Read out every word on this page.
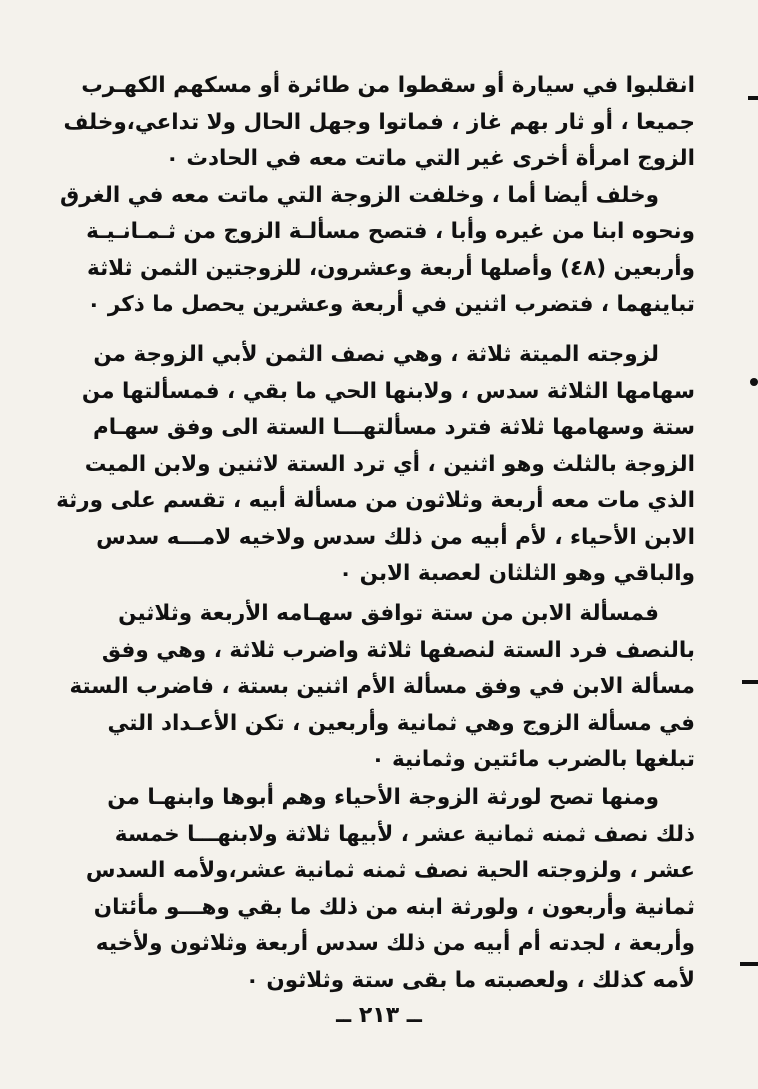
انقلبوا في سيارة أو سقطوا من طائرة أو مسكهم الكهـرب
جميعا ، أو ثار بهم غاز ، فماتوا وجهل الحال ولا تداعي،وخلف
الزوج امرأة أخرى غير التي ماتت معه في الحادث ٠
وخلف أيضا أما ، وخلفت الزوجة التي ماتت معه في الغرق
ونحوه ابنا من غيره وأبا ، فتصح مسألـة الزوج من ثـمـانـيـة
وأربعين (٤٨) وأصلها أربعة وعشرون، للزوجتين الثمن ثلاثة
تباينهما ، فتضرب اثنين في أربعة وعشرين يحصل ما ذكر ٠
لزوجته الميتة ثلاثة ، وهي نصف الثمن لأبي الزوجة من
سهامها الثلاثة سدس ، ولابنها الحي ما بقي ، فمسألتها من
ستة وسهامها ثلاثة فترد مسألتهـــا الستة الى وفق سهـام
الزوجة بالثلث وهو اثنين ، أي ترد الستة لاثنين ولابن الميت
الذي مات معه أربعة وثلاثون من مسألة أبيه ، تقسم على ورثة
الابن الأحياء ، لأم أبيه من ذلك سدس ولاخيه لامـــه سدس
والباقي وهو الثلثان لعصبة الابن ٠
فمسألة الابن من ستة توافق سهـامه الأربعة وثلاثين
بالنصف فرد الستة لنصفها ثلاثة واضرب ثلاثة ، وهي وفق
مسألة الابن في وفق مسألة الأم اثنين بستة ، فاضرب الستة
في مسألة الزوج وهي ثمانية وأربعين ، تكن الأعـداد التي
تبلغها بالضرب مائتين وثمانية ٠
ومنها تصح لورثة الزوجة الأحياء وهم أبوها وابنهـا من
ذلك نصف ثمنه ثمانية عشر ، لأبيها ثلاثة ولابنهـــا خمسة
عشر ، ولزوجته الحية نصف ثمنه ثمانية عشر،ولأمه السدس
ثمانية وأربعون ، ولورثة ابنه من ذلك ما بقي وهـــو مأئتان
وأربعة ، لجدته أم أبيه من ذلك سدس أربعة وثلاثون ولأخيه
لأمه كذلك ، ولعصبته ما بقى ستة وثلاثون ٠
ــ ٢١٣ ــ
